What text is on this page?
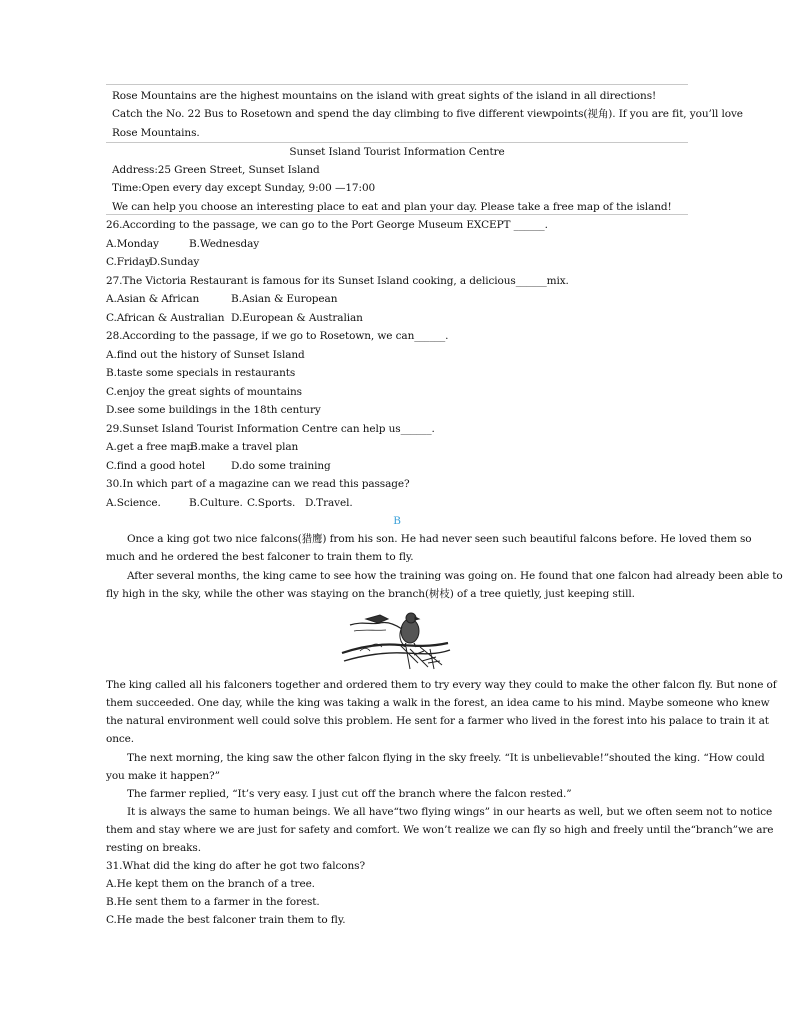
Rose Mountains are the highest mountains on the island with great sights of the island in all directions!
Catch the No. 22 Bus to Rosetown and spend the day climbing to five different viewpoints(视角). If you are fit, you’ll love
Rose Mountains.
Sunset Island Tourist Information Centre
Address:25 Green Street, Sunset Island
Time:Open every day except Sunday, 9:00 —17:00
We can help you choose an interesting place to eat and plan your day. Please take a free map of the island!
26.According to the passage, we can go to the Port George Museum EXCEPT ______.
A.Monday	B.Wednesday
C.Friday
D.Sunday
27.The Victoria Restaurant is famous for its Sunset Island cooking, a delicious______mix.
A.Asian & African	B.Asian & European
C.African & Australian D.European & Australian
28.According to the passage, if we go to Rosetown, we can______.
A.find out the history of Sunset Island
B.taste some specials in restaurants
C.enjoy the great sights of mountains
D.see some buildings in the 18th century
29.Sunset Island Tourist Information Centre can help us______.
A.get a free map
B.make a travel plan
C.find a good hotel D.do some training
30.In which part of a magazine can we read this passage?
A.Science.	B.Culture. C.Sports. D.Travel.
B
Once a king got two nice falcons(猎鹰) from his son. He had never seen such beautiful falcons before. He loved them so
much and he ordered the best falconer to train them to fly.
After several months, the king came to see how the training was going on. He found that one falcon had already been able to
fly high in the sky, while the other was staying on the branch(树枝) of a tree quietly, just keeping still.
The king called all his falconers together and ordered them to try every way they could to make the other falcon fly. But none of
them succeeded. One day, while the king was taking a walk in the forest, an idea came to his mind. Maybe someone who knew
the natural environment well could solve this problem. He sent for a farmer who lived in the forest into his palace to train it at
once.
The next morning, the king saw the other falcon flying in the sky freely. “It is unbelievable!”shouted the king. “How could
you make it happen?”
The farmer replied, “It’s very easy. I just cut off the branch where the falcon rested.”
It is always the same to human beings. We all have“two flying wings” in our hearts as well, but we often seem not to notice
them and stay where we are just for safety and comfort. We won’t realize we can fly so high and freely until the“branch”we are
resting on breaks.
31.What did the king do after he got two falcons?
A.He kept them on the branch of a tree.
B.He sent them to a farmer in the forest.
C.He made the best falconer train them to fly.
